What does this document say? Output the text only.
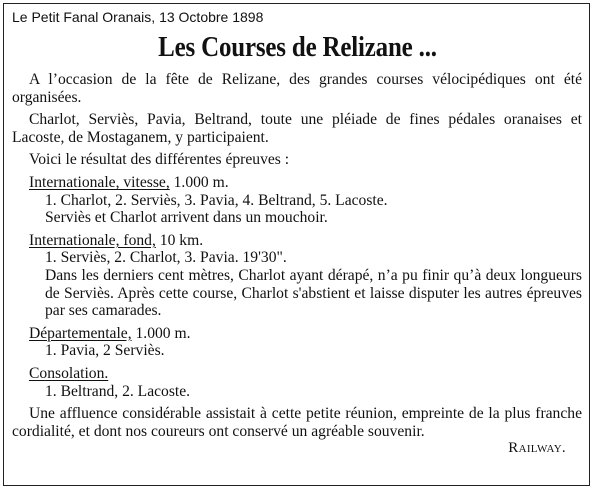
Le Petit Fanal Oranais, 13 Octobre 1898
Les Courses de Relizane ...

A l’occasion de la fête de Relizane, des grandes courses vélocipédiques ont été organisées.

Charlot, Serviès, Pavia, Beltrand, toute une pléiade de fines pédales oranaises et Lacoste, de Mostaganem, y participaient.

Voici le résultat des différentes épreuves :

Internationale, vitesse, 1.000 m.

1. Charlot, 2. Serviès, 3. Pavia, 4. Beltrand, 5. Lacoste.

Serviès et Charlot arrivent dans un mouchoir.

Internationale, fond, 10 km.

1. Serviès, 2. Charlot, 3. Pavia. 19'30".

Dans les derniers cent mètres, Charlot ayant dérapé, n’a pu finir qu’à deux longueurs de Serviès. Après cette course, Charlot s'abstient et laisse disputer les autres épreuves par ses camarades.

Départementale, 1.000 m.

1. Pavia, 2 Serviès.

Consolation.

1. Beltrand, 2. Lacoste.

Une affluence considérable assistait à cette petite réunion, empreinte de la plus franche cordialité, et dont nos coureurs ont conservé un agréable souvenir.

Railway.
